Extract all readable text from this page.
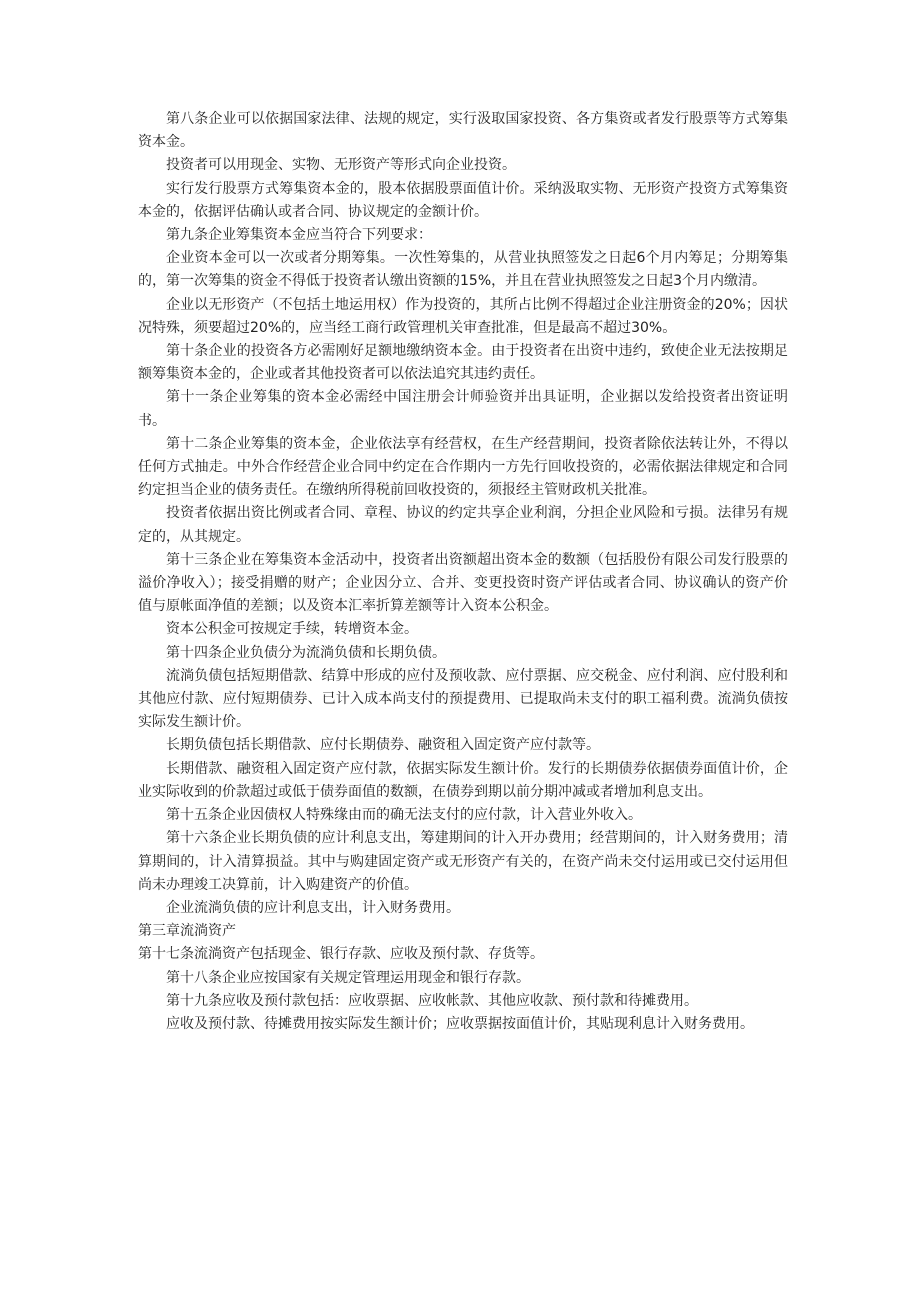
第八条企业可以依据国家法律、法规的规定，实行汲取国家投资、各方集资或者发行股票等方式筹集资本金。

投资者可以用现金、实物、无形资产等形式向企业投资。

实行发行股票方式筹集资本金的，股本依据股票面值计价。采纳汲取实物、无形资产投资方式筹集资本金的，依据评估确认或者合同、协议规定的金额计价。

第九条企业筹集资本金应当符合下列要求：

企业资本金可以一次或者分期筹集。一次性筹集的，从营业执照签发之日起6个月内筹足；分期筹集的，第一次筹集的资金不得低于投资者认缴出资额的15%，并且在营业执照签发之日起3个月内缴清。

企业以无形资产（不包括土地运用权）作为投资的，其所占比例不得超过企业注册资金的20%；因状况特殊，须要超过20%的，应当经工商行政管理机关审查批准，但是最高不超过30%。

第十条企业的投资各方必需刚好足额地缴纳资本金。由于投资者在出资中违约，致使企业无法按期足额筹集资本金的，企业或者其他投资者可以依法追究其违约责任。

第十一条企业筹集的资本金必需经中国注册会计师验资并出具证明，企业据以发给投资者出资证明书。

第十二条企业筹集的资本金，企业依法享有经营权，在生产经营期间，投资者除依法转让外，不得以任何方式抽走。中外合作经营企业合同中约定在合作期内一方先行回收投资的，必需依据法律规定和合同约定担当企业的债务责任。在缴纳所得税前回收投资的，须报经主管财政机关批准。

投资者依据出资比例或者合同、章程、协议的约定共享企业利润，分担企业风险和亏损。法律另有规定的，从其规定。

第十三条企业在筹集资本金活动中，投资者出资额超出资本金的数额（包括股份有限公司发行股票的溢价净收入）；接受捐赠的财产；企业因分立、合并、变更投资时资产评估或者合同、协议确认的资产价值与原帐面净值的差额；以及资本汇率折算差额等计入资本公积金。

资本公积金可按规定手续，转增资本金。

第十四条企业负债分为流淌负债和长期负债。

流淌负债包括短期借款、结算中形成的应付及预收款、应付票据、应交税金、应付利润、应付股利和其他应付款、应付短期债券、已计入成本尚支付的预提费用、已提取尚未支付的职工福利费。流淌负债按实际发生额计价。

长期负债包括长期借款、应付长期债券、融资租入固定资产应付款等。

长期借款、融资租入固定资产应付款，依据实际发生额计价。发行的长期债券依据债券面值计价，企业实际收到的价款超过或低于债券面值的数额，在债券到期以前分期冲减或者增加利息支出。

第十五条企业因债权人特殊缘由而的确无法支付的应付款，计入营业外收入。

第十六条企业长期负债的应计利息支出，筹建期间的计入开办费用；经营期间的，计入财务费用；清算期间的，计入清算损益。其中与购建固定资产或无形资产有关的，在资产尚未交付运用或已交付运用但尚未办理竣工决算前，计入购建资产的价值。

企业流淌负债的应计利息支出，计入财务费用。

第三章流淌资产

第十七条流淌资产包括现金、银行存款、应收及预付款、存货等。

第十八条企业应按国家有关规定管理运用现金和银行存款。

第十九条应收及预付款包括：应收票据、应收帐款、其他应收款、预付款和待摊费用。

应收及预付款、待摊费用按实际发生额计价；应收票据按面值计价，其贴现利息计入财务费用。
